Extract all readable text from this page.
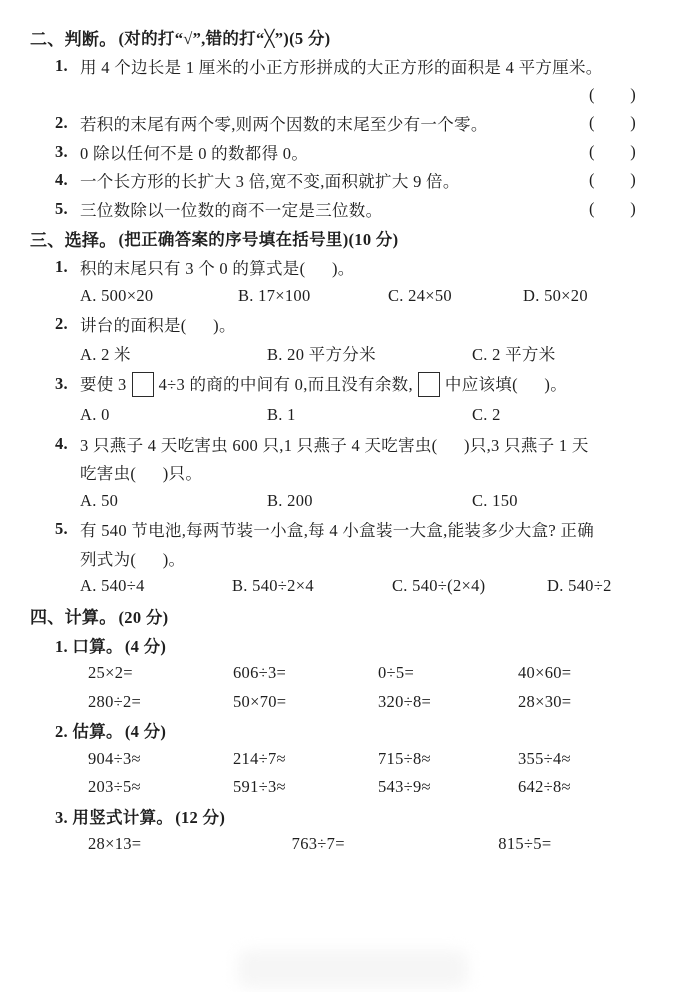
二、判断。 (对的打“√”,错的打“╳”)(5 分)
1. 用 4 个边长是 1 厘米的小正方形拼成的大正方形的面积是 4 平方厘米。
(        )
2. 若积的末尾有两个零,则两个因数的末尾至少有一个零。	(        )
3. 0 除以任何不是 0 的数都得 0。	(        )
4. 一个长方形的长扩大 3 倍,宽不变,面积就扩大 9 倍。	(        )
5. 三位数除以一位数的商不一定是三位数。	(        )
三、选择。 (把正确答案的序号填在括号里)(10 分)
1. 积的末尾只有 3 个 0 的算式是(      )。
A. 500×20	B. 17×100	C. 24×50	D. 50×20
2. 讲台的面积是(      )。
A. 2 米	B. 20 平方分米	C. 2 平方米
3. 要使 3 4÷3 的商的中间有 0,而且没有余数, 中应该填(      )。
A. 0	B. 1	C. 2
4. 3 只燕子 4 天吃害虫 600 只,1 只燕子 4 天吃害虫(      )只,3 只燕子 1 天
吃害虫(      )只。
A. 50	B. 200	C. 150
5. 有 540 节电池,每两节装一小盒,每 4 小盒装一大盒,能装多少大盒? 正确
列式为(      )。
A. 540÷4	B. 540÷2×4	C. 540÷(2×4)	D. 540÷2
四、计算。 (20 分)
1. 口算。 (4 分)
25×2=	606÷3=	0÷5=	40×60=
280÷2=	50×70=	320÷8=	28×30=
2. 估算。 (4 分)
904÷3≈	214÷7≈	715÷8≈	355÷4≈
203÷5≈	591÷3≈	543÷9≈	642÷8≈
3. 用竖式计算。 (12 分)
28×13=	763÷7=	815÷5=
